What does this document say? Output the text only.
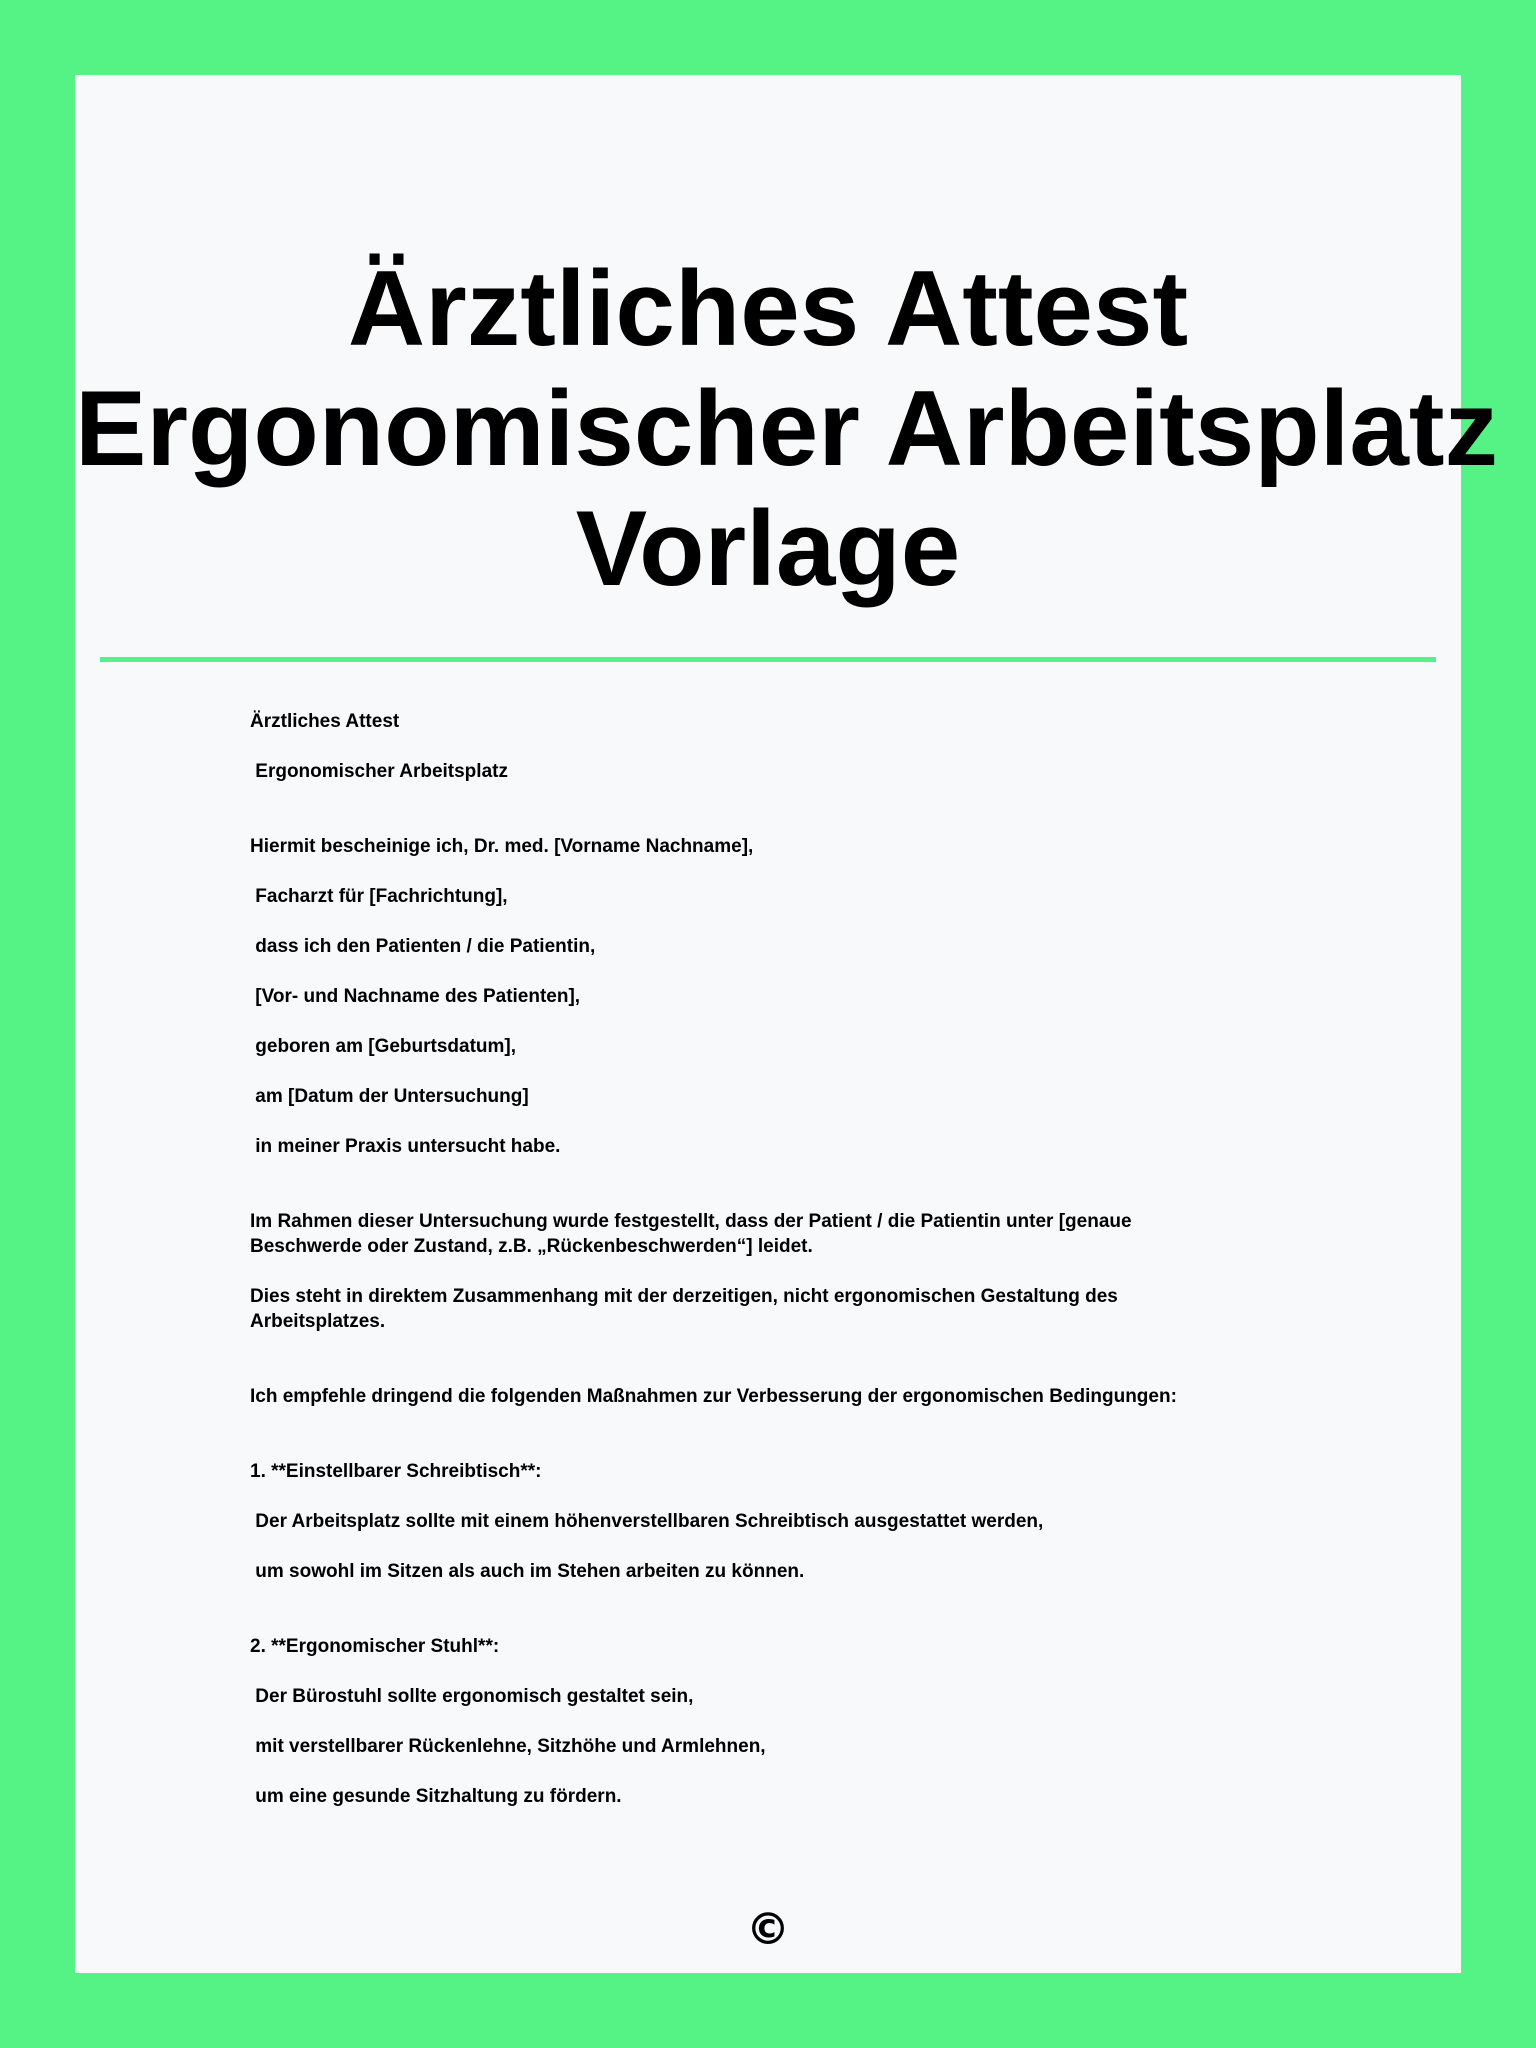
Ärztliches Attest
Ergonomischer Arbeitsplatz
Vorlage
Ärztliches Attest
Ergonomischer Arbeitsplatz
Hiermit bescheinige ich, Dr. med. [Vorname Nachname],
Facharzt für [Fachrichtung],
dass ich den Patienten / die Patientin,
[Vor- und Nachname des Patienten],
geboren am [Geburtsdatum],
am [Datum der Untersuchung]
in meiner Praxis untersucht habe.
Im Rahmen dieser Untersuchung wurde festgestellt, dass der Patient / die Patientin unter [genaue
Beschwerde oder Zustand, z.B. „Rückenbeschwerden“] leidet.
Dies steht in direktem Zusammenhang mit der derzeitigen, nicht ergonomischen Gestaltung des
Arbeitsplatzes.
Ich empfehle dringend die folgenden Maßnahmen zur Verbesserung der ergonomischen Bedingungen:
1. **Einstellbarer Schreibtisch**:
Der Arbeitsplatz sollte mit einem höhenverstellbaren Schreibtisch ausgestattet werden,
um sowohl im Sitzen als auch im Stehen arbeiten zu können.
2. **Ergonomischer Stuhl**:
Der Bürostuhl sollte ergonomisch gestaltet sein,
mit verstellbarer Rückenlehne, Sitzhöhe und Armlehnen,
um eine gesunde Sitzhaltung zu fördern.
©
